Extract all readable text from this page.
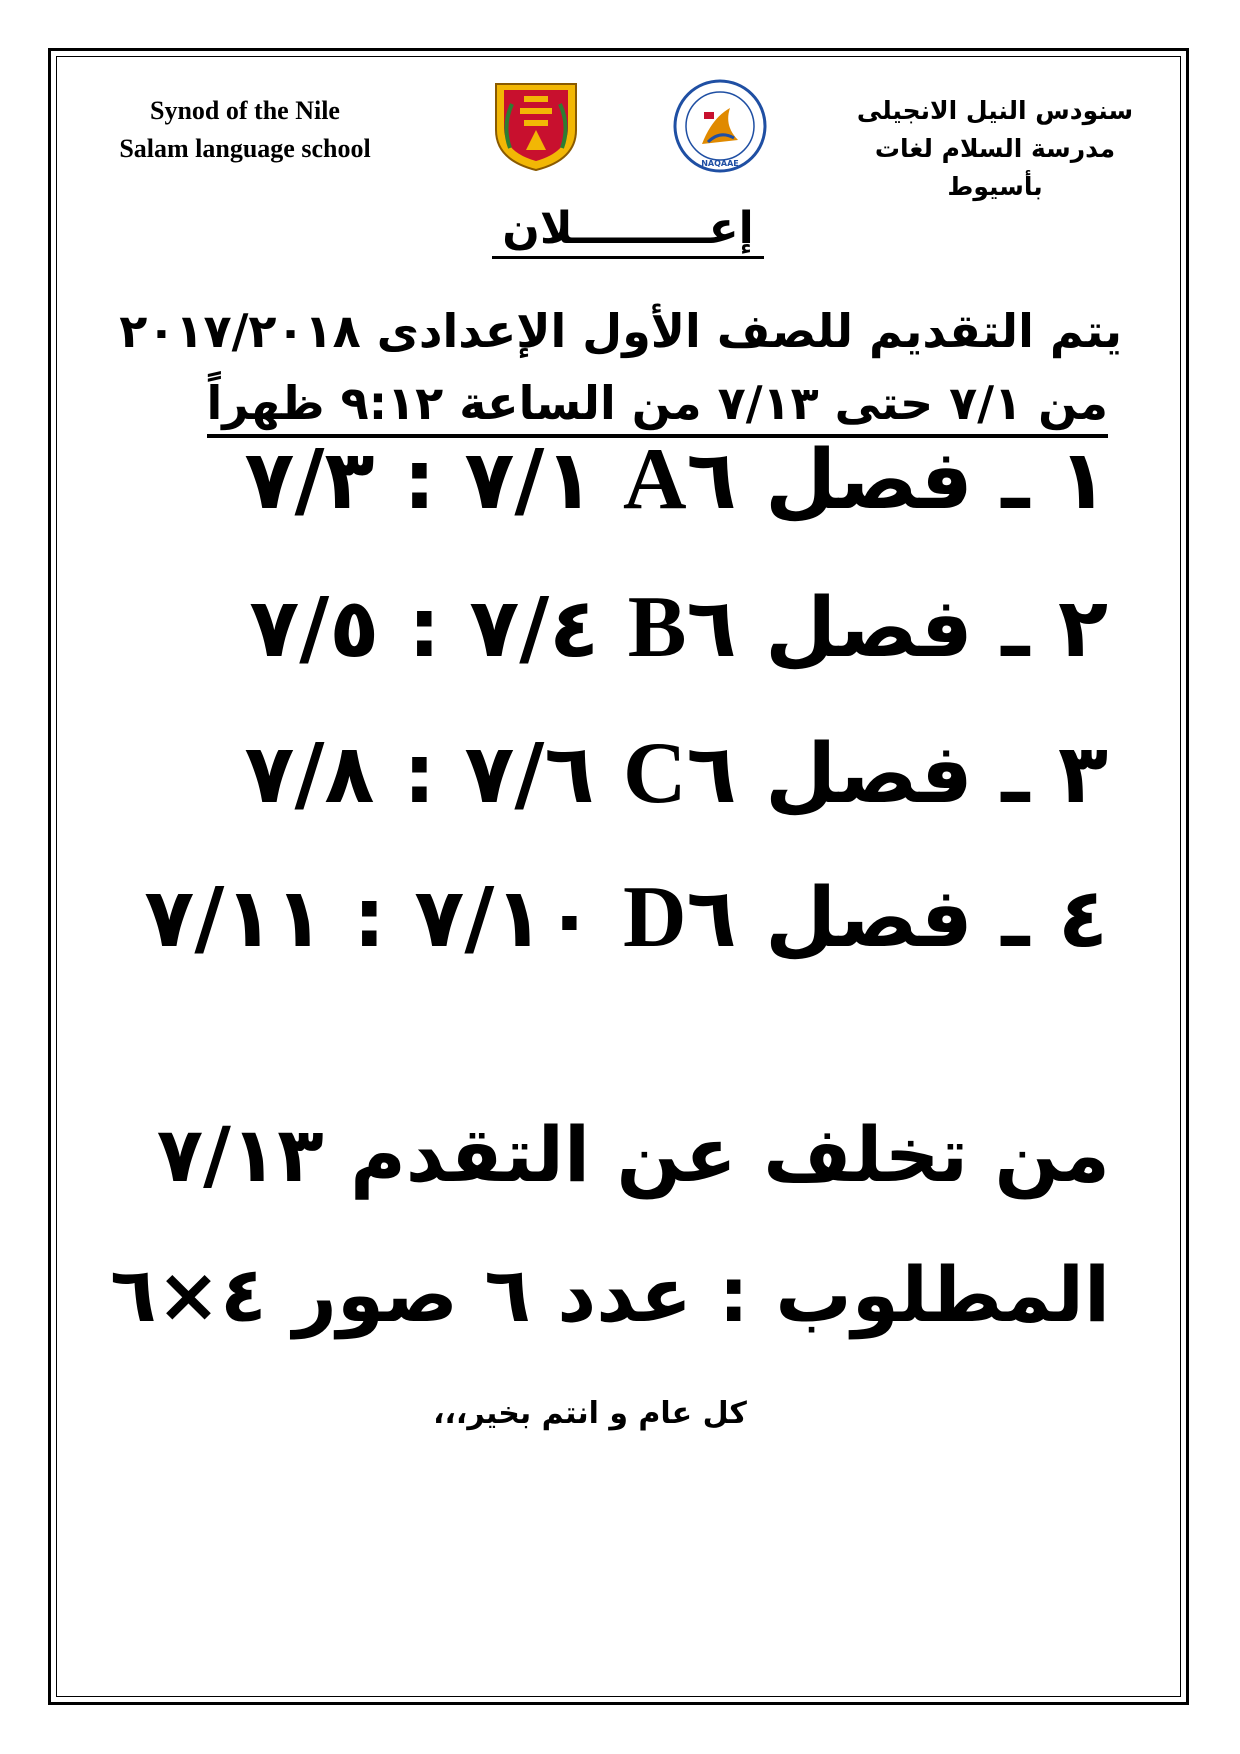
Synod of the Nile
Salam language school
NAQAAE
سنودس النيل الانجيلى
مدرسة السلام لغات بأسيوط
إعـــــــــلان
يتم التقديم للصف الأول الإعدادى ٢٠١٧/٢٠١٨
من ٧/١ حتى ٧/١٣ من الساعة ٩:١٢ ظهراً
١ ـ فصل ٦A ٧/١ : ٧/٣
٢ ـ فصل ٦B ٧/٤ : ٧/٥
٣ ـ فصل ٦C ٧/٦ : ٧/٨
٤ ـ فصل ٦D ٧/١٠ : ٧/١١
من تخلف عن التقدم ٧/١٣
المطلوب : عدد ٦ صور ٤×٦
كل عام و انتم بخير،،،
